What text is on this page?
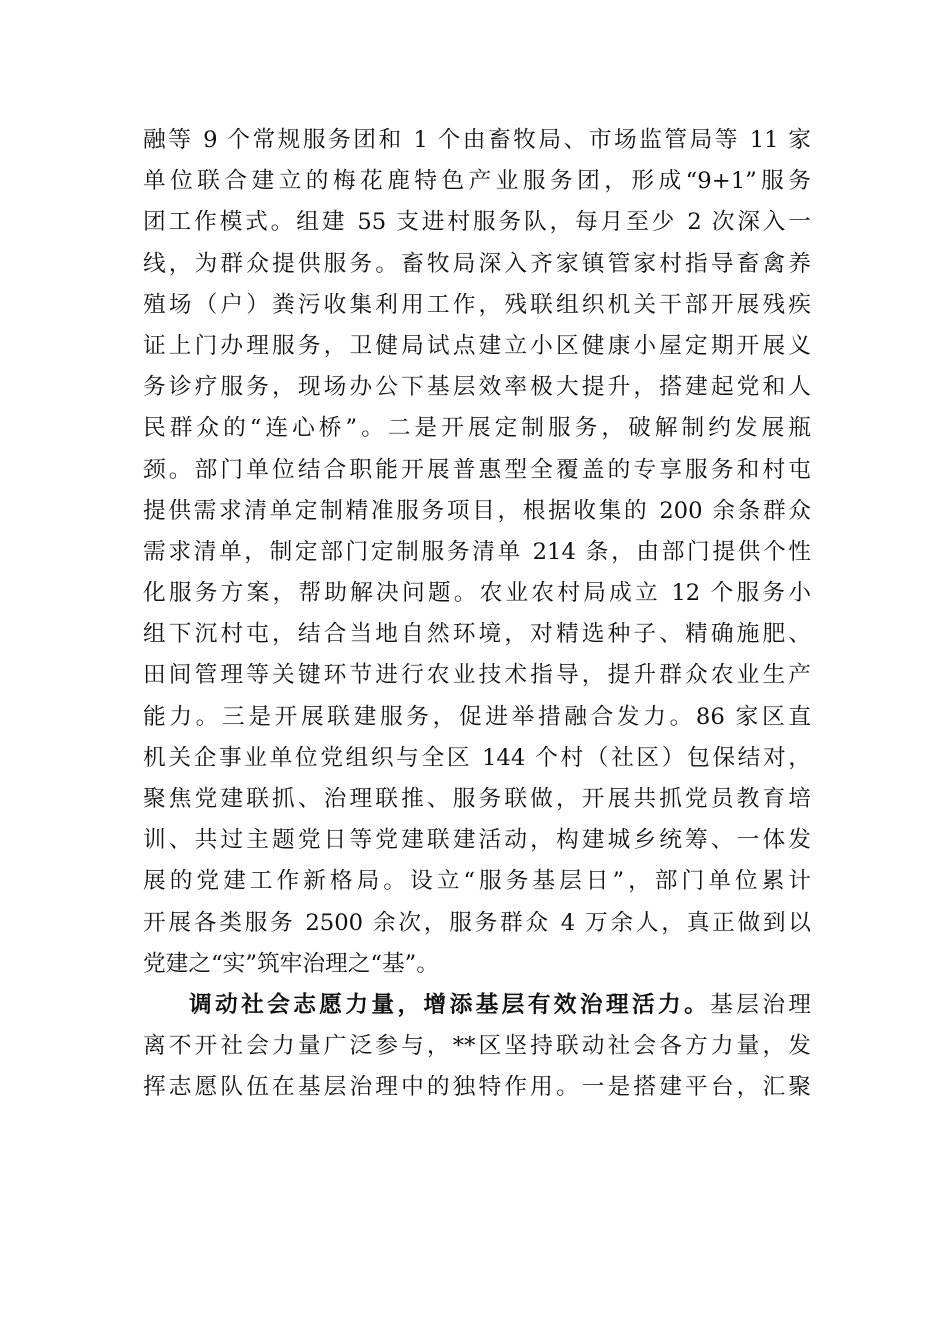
融等 9 个常规服务团和 1 个由畜牧局、市场监管局等 11 家
单位联合建立的梅花鹿特色产业服务团，形成“9+1”服务
团工作模式。组建 55 支进村服务队，每月至少 2 次深入一
线，为群众提供服务。畜牧局深入齐家镇管家村指导畜禽养
殖场（户）粪污收集利用工作，残联组织机关干部开展残疾
证上门办理服务，卫健局试点建立小区健康小屋定期开展义
务诊疗服务，现场办公下基层效率极大提升，搭建起党和人
民群众的“连心桥”。二是开展定制服务，破解制约发展瓶
颈。部门单位结合职能开展普惠型全覆盖的专享服务和村屯
提供需求清单定制精准服务项目，根据收集的 200 余条群众
需求清单，制定部门定制服务清单 214 条，由部门提供个性
化服务方案，帮助解决问题。农业农村局成立 12 个服务小
组下沉村屯，结合当地自然环境，对精选种子、精确施肥、
田间管理等关键环节进行农业技术指导，提升群众农业生产
能力。三是开展联建服务，促进举措融合发力。86 家区直
机关企事业单位党组织与全区 144 个村（社区）包保结对，
聚焦党建联抓、治理联推、服务联做，开展共抓党员教育培
训、共过主题党日等党建联建活动，构建城乡统筹、一体发
展的党建工作新格局。设立“服务基层日”，部门单位累计
开展各类服务 2500 余次，服务群众 4 万余人，真正做到以
党建之“实”筑牢治理之“基”。
调动社会志愿力量，增添基层有效治理活力。基层治理
离不开社会力量广泛参与，**区坚持联动社会各方力量，发
挥志愿队伍在基层治理中的独特作用。一是搭建平台，汇聚
